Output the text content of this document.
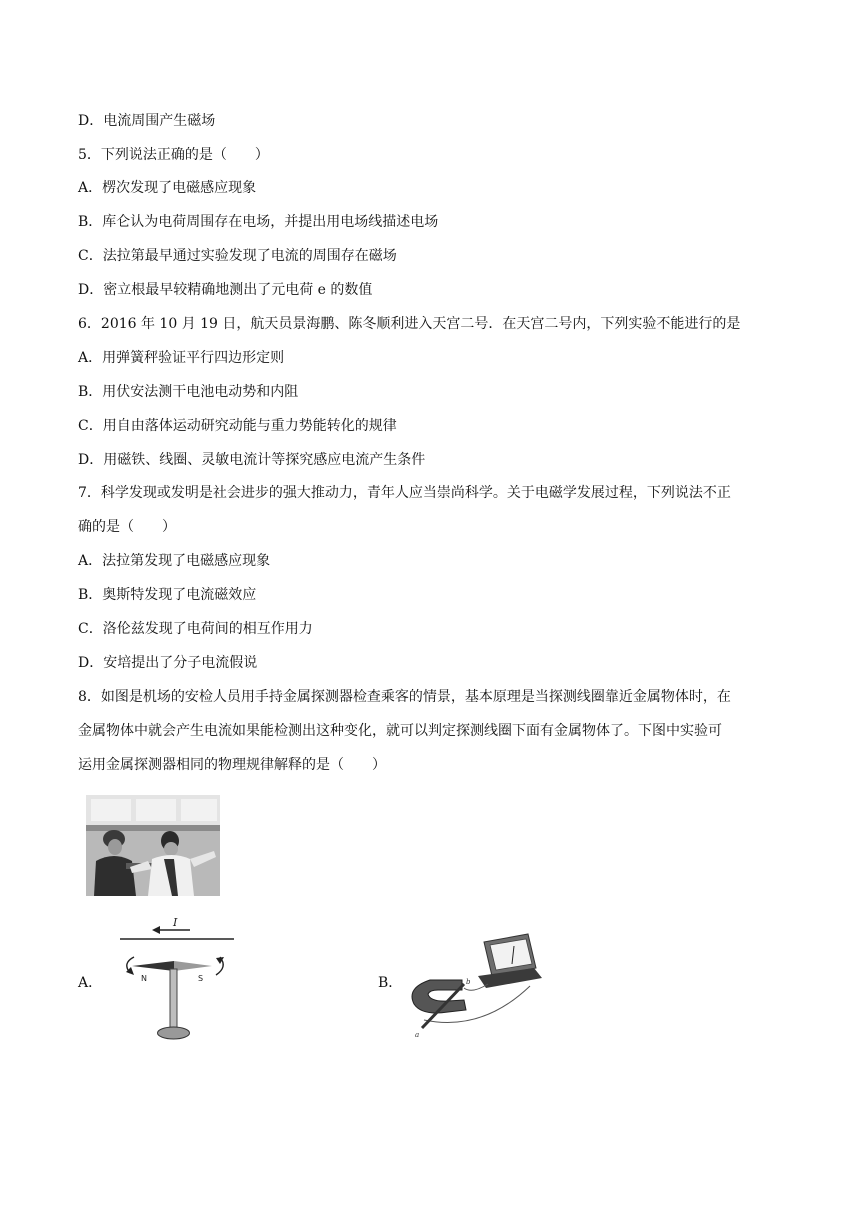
D．电流周围产生磁场
5．下列说法正确的是（　　）
A．楞次发现了电磁感应现象
B．库仑认为电荷周围存在电场，并提出用电场线描述电场
C．法拉第最早通过实验发现了电流的周围存在磁场
D．密立根最早较精确地测出了元电荷 e 的数值
6．2016 年 10 月 19 日，航天员景海鹏、陈冬顺利进入天宫二号．在天宫二号内，下列实验不能进行的是
A．用弹簧秤验证平行四边形定则
B．用伏安法测干电池电动势和内阻
C．用自由落体运动研究动能与重力势能转化的规律
D．用磁铁、线圈、灵敏电流计等探究感应电流产生条件
7．科学发现或发明是社会进步的强大推动力，青年人应当崇尚科学。关于电磁学发展过程，下列说法不正
确的是（　　）
A．法拉第发现了电磁感应现象
B．奥斯特发现了电流磁效应
C．洛伦兹发现了电荷间的相互作用力
D．安培提出了分子电流假说
8．如图是机场的安检人员用手持金属探测器检查乘客的情景，基本原理是当探测线圈靠近金属物体时，在
金属物体中就会产生电流如果能检测出这种变化，就可以判定探测线圈下面有金属物体了。下图中实验可
运用金属探测器相同的物理规律解释的是（　　）
A．
I
N	S	B．
a
b
